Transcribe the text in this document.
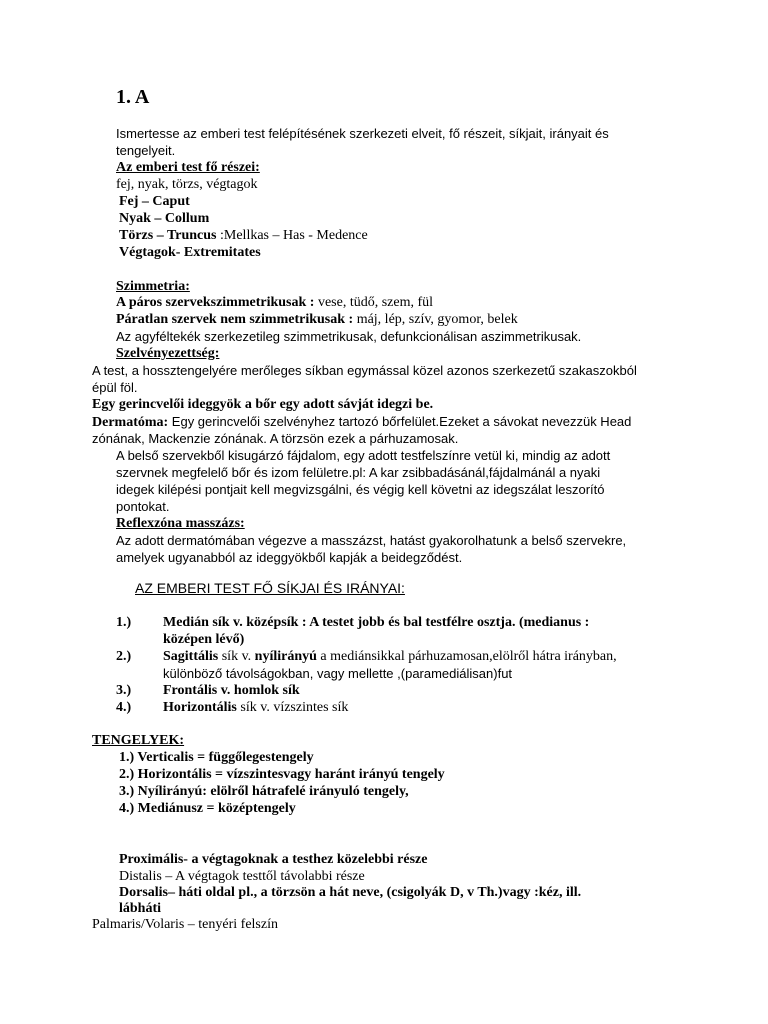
1. A
Ismertesse az emberi test felépítésének szerkezeti elveit, fő részeit, síkjait, irányait és
tengelyeit.
Az emberi test fő részei:
fej, nyak, törzs, végtagok
Fej – Caput
Nyak – Collum
Törzs – Truncus :Mellkas – Has - Medence
Végtagok- Extremitates
Szimmetria:
A páros szervekszimmetrikusak : vese, tüdő, szem, fül
Páratlan szervek nem szimmetrikusak : máj, lép, szív, gyomor, belek
Az agyféltekék szerkezetileg szimmetrikusak, defunkcionálisan aszimmetrikusak.
Szelvényezettség:
A test, a hossztengelyére merőleges síkban egymással közel azonos szerkezetű szakaszokból
épül föl.
Egy gerincvelői ideggyök a bőr egy adott sávját idegzi be.
Dermatóma: Egy gerincvelői szelvényhez tartozó bőrfelület.Ezeket a sávokat nevezzük Head
zónának, Mackenzie zónának. A törzsön ezek a párhuzamosak.
A belső szervekből kisugárzó fájdalom, egy adott testfelszínre vetül ki, mindig az adott
szervnek megfelelő bőr és izom felületre.pl: A kar zsibbadásánál,fájdalmánál a nyaki
idegek kilépési pontjait kell megvizsgálni, és végig kell követni az idegszálat leszorító
pontokat.
Reflexzóna masszázs:
Az adott dermatómában végezve a masszázst, hatást gyakorolhatunk a belső szervekre,
amelyek ugyanabból az ideggyökből kapják a beidegződést.
AZ EMBERI TEST FŐ SÍKJAI ÉS IRÁNYAI:
1.) Medián sík v. középsík : A testet jobb és bal testfélre osztja. (medianus :
középen lévő)
2.) Sagittális sík v. nyílirányú a mediánsikkal párhuzamosan,elölről hátra irányban,
különböző távolságokban, vagy mellette ,(paramediálisan)fut
3.) Frontális v. homlok sík
4.) Horizontális sík v. vízszintes sík
TENGELYEK:
1.) Verticalis = függőlegestengely
2.) Horizontális = vízszintesvagy haránt irányú tengely
3.) Nyílirányú: elölről hátrafelé irányuló tengely,
4.) Mediánusz = középtengely
Proximális- a végtagoknak a testhez közelebbi része
Distalis – A végtagok testtől távolabbi része
Dorsalis– háti oldal pl., a törzsön a hát neve, (csigolyák D, v Th.)vagy :kéz, ill.
lábháti
Palmaris/Volaris – tenyéri felszín
